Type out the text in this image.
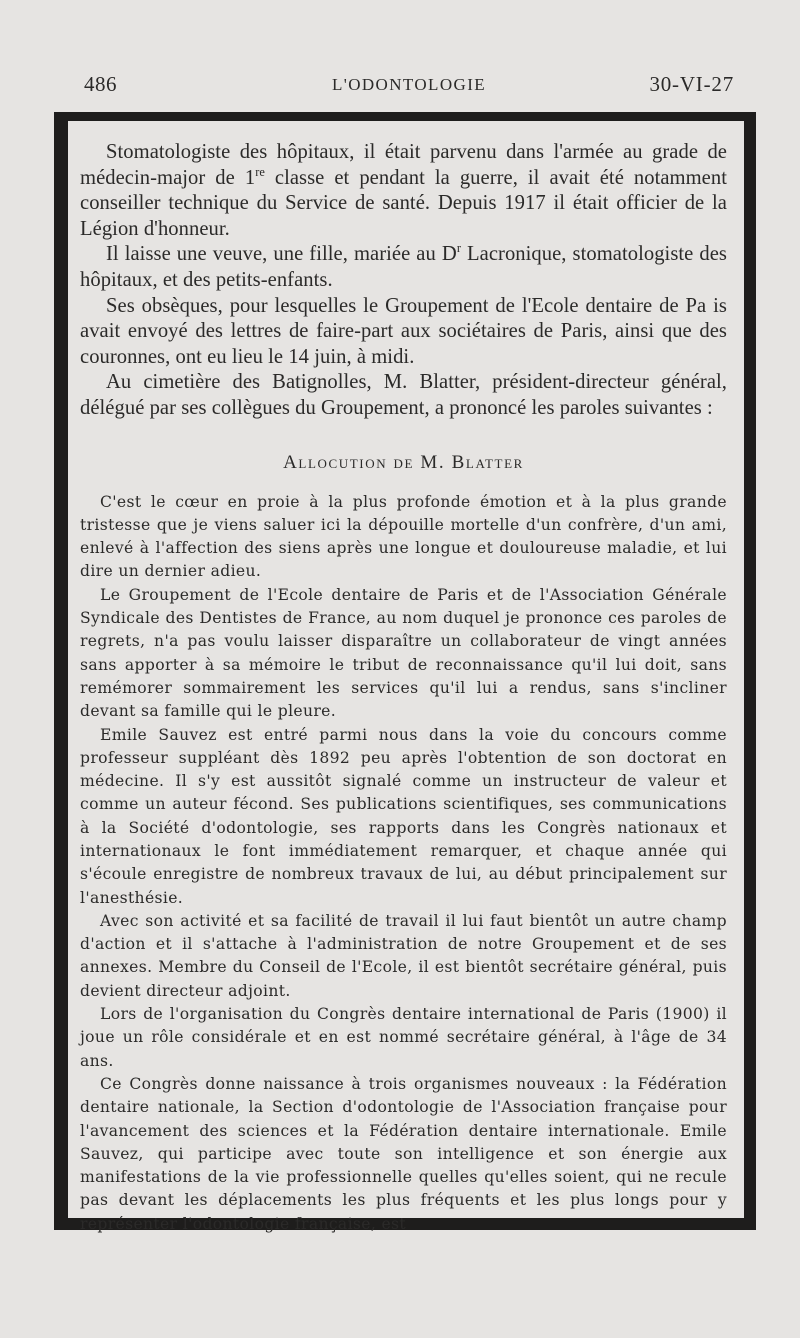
486	L'ODONTOLOGIE	30-VI-27

Stomatologiste des hôpitaux, il était parvenu dans l'armée au grade de médecin-major de 1re classe et pendant la guerre, il avait été notamment conseiller technique du Service de santé. Depuis 1917 il était officier de la Légion d'honneur.

Il laisse une veuve, une fille, mariée au $D^r$ Lacronique, stomatologiste des hôpitaux, et des petits-enfants.

Ses obsèques, pour lesquelles le Groupement de l'Ecole dentaire de Pa is avait envoyé des lettres de faire-part aux sociétaires de Paris, ainsi que des couronnes, ont eu lieu le 14 juin, à midi.

Au cimetière des Batignolles, M. Blatter, président-directeur général, délégué par ses collègues du Groupement, a prononcé les paroles suivantes :

Allocution de M. Blatter

C'est le cœur en proie à la plus profonde émotion et à la plus grande tristesse que je viens saluer ici la dépouille mortelle d'un confrère, d'un ami, enlevé à l'affection des siens après une longue et douloureuse maladie, et lui dire un dernier adieu.

Le Groupement de l'Ecole dentaire de Paris et de l'Association Générale Syndicale des Dentistes de France, au nom duquel je prononce ces paroles de regrets, n'a pas voulu laisser disparaître un collaborateur de vingt années sans apporter à sa mémoire le tribut de reconnaissance qu'il lui doit, sans remémorer sommairement les services qu'il lui a rendus, sans s'incliner devant sa famille qui le pleure.

Emile Sauvez est entré parmi nous dans la voie du concours comme professeur suppléant dès 1892 peu après l'obtention de son doctorat en médecine. Il s'y est aussitôt signalé comme un instructeur de valeur et comme un auteur fécond. Ses publications scientifiques, ses communications à la Société d'odontologie, ses rapports dans les Congrès nationaux et internationaux le font immédiatement remarquer, et chaque année qui s'écoule enregistre de nombreux travaux de lui, au début principalement sur l'anesthésie.

Avec son activité et sa facilité de travail il lui faut bientôt un autre champ d'action et il s'attache à l'administration de notre Groupement et de ses annexes. Membre du Conseil de l'Ecole, il est bientôt secrétaire général, puis devient directeur adjoint.

Lors de l'organisation du Congrès dentaire international de Paris (1900) il joue un rôle considérale et en est nommé secrétaire général, à l'âge de 34 ans.

Ce Congrès donne naissance à trois organismes nouveaux : la Fédération dentaire nationale, la Section d'odontologie de l'Association française pour l'avancement des sciences et la Fédération dentaire internationale. Emile Sauvez, qui participe avec toute son intelligence et son énergie aux manifestations de la vie professionnelle quelles qu'elles soient, qui ne recule pas devant les déplacements les plus fréquents et les plus longs pour y représenter l'odontologie française, est
